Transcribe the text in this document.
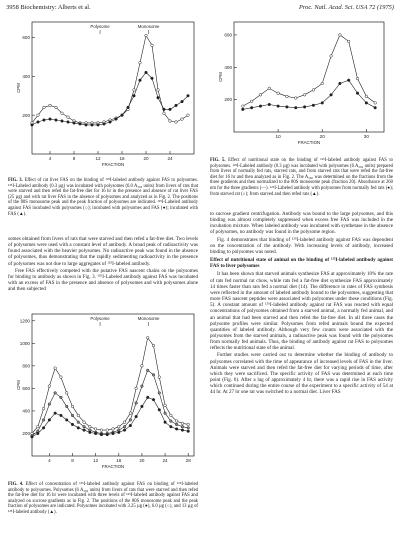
3958 Biochemistry: Alberts et al.	Proc. Natl. Acad. Sci. USA 72 (1975)
4	8	12	16	20	24
200
400
600
FRACTION
CPM
Polysome	Monosome
FIG. 3. Effect of rat liver FAS on the binding of ¹²⁵I-labeled antibody against FAS to polysomes. ¹²⁵I-Labeled antibody (0.3 µg) was incubated with polysomes (6.0 A₂₆₀ units) from livers of rats that were starved and then refed the fat-free diet for 16 hr in the presence and absence of rat liver FAS (25 µg) and with rat liver FAS in the absence of polysomes and analyzed as in Fig. 2. The positions of the 80S monosome peak and the peak fraction of polysomes are indicated. ¹²⁵I-Labeled antibody against FAS incubated with polysomes (○); incubated with polysomes and FAS (●); incubated with FAS (▲).

somes obtained from livers of rats that were starved and then refed a fat-free diet. Two levels of polysomes were used with a constant level of antibody. A broad peak of radioactivity was found associated with the heavier polysomes. No radioactive peak was found in the absence of polysomes, thus demonstrating that the rapidly sedimenting radioactivity in the presence of polysomes was not due to large aggregates of ¹²⁵I-labeled antibody.

Free FAS effectively competed with the putative FAS nascent chains on the polysomes for binding to antibody as shown in Fig. 3. ¹²⁵I-Labeled antibody against FAS was incubated with an excess of FAS in the presence and absence of polysomes and with polysomes alone and then subjected

4	8	12	16	20	24	28
200
400
600
800
1000
1200
FRACTION
CPM
Polysome	Monosome
FIG. 4. Effect of concentration of ¹²⁵I-labeled antibody against FAS on binding of ¹²⁵I-labeled antibody to polysomes. Polysomes (6 A₂₆₀ units) from livers of rats that were starved and then refed the fat-free diet for 16 hr were incubated with three levels of ¹²⁵I-labeled antibody against FAS and analyzed on sucrose gradients as in Fig. 2. The positions of the 80S monosome peak and the peak fraction of polysomes are indicated. Polysomes incubated with 3.25 µg (●), 6.0 µg (○), and 13 µg of ¹²⁵I-labeled antibody (▲).
10	20	30
200
400
600
FRACTION
CPM
FIG. 5. Effect of nutritional state on the binding of ¹²⁵I-labeled antibody against FAS to polysomes. ¹²⁵I-Labeled antibody (0.3 µg) was incubated with polysomes (6 A₂₆₀ units) prepared from livers of normally fed rats, starved rats, and from starved rats that were refed the fat-free diet for 16 hr and then analyzed as in Fig. 2. The A₂₆₀ was determined on the fractions from the three gradients and then normalized to the 80S monosome peak (fraction 20). Absorbance at 260 nm for the three gradients (—). ¹²⁵I-Labeled antibody with polysomes from normally fed rats (●); from starved rat (○); from starved and then refed rats (▲).

to sucrose gradient centrifugation. Antibody was bound to the large polysomes, and this binding was almost completely suppressed when excess free FAS was included in the incubation mixture. When labeled antibody was incubated with synthetase in the absence of polysomes, no antibody was found in the polysome region.

Fig. 4 demonstrates that binding of ¹²⁵I-labeled antibody against FAS was dependent on the concentration of the antibody. With increasing levels of antibody, increased binding to polysomes was noted.

Effect of nutritional state of animal on the binding of ¹²⁵I-labeled antibody against FAS to liver polysomes

It has been shown that starved animals synthesize FAS at approximately 10% the rate of rats fed normal rat chow, while rats fed a fat-free diet synthesize FAS approximately 14 times faster than rats fed a normal diet (14). The difference in rates of FAS synthesis were reflected in the amount of labeled antibody bound to the polysomes, suggesting that more FAS nascent peptides were associated with polysomes under these conditions (Fig. 5). A constant amount of ¹²⁵I-labeled antibody against rat FAS was reacted with equal concentrations of polysomes obtained from a starved animal, a normally fed animal, and an animal that had been starved and then refed the fat-free diet. In all three cases the polysome profiles were similar. Polysomes from refed animals bound the expected quantities of labeled antibody. Although very few counts were associated with the polysomes from the starved animals, a radioactive peak was found with the polysomes from normally fed animals. Thus, the binding of antibody against rat FAS to polysomes reflects the nutritional state of the animal.

Further studies were carried out to determine whether the binding of antibody to polysomes correlated with the time of appearance of increased levels of FAS in the liver. Animals were starved and then refed the fat-free diet for varying periods of time, after which they were sacrificed. The specific activity of FAS was determined at each time point (Fig. 6). After a lag of approximately 4 hr, there was a rapid rise in FAS activity which continued during the entire course of the experiment to a specific activity of 54 at 44 hr. At 27 hr one rat was switched to a normal diet. Liver FAS
